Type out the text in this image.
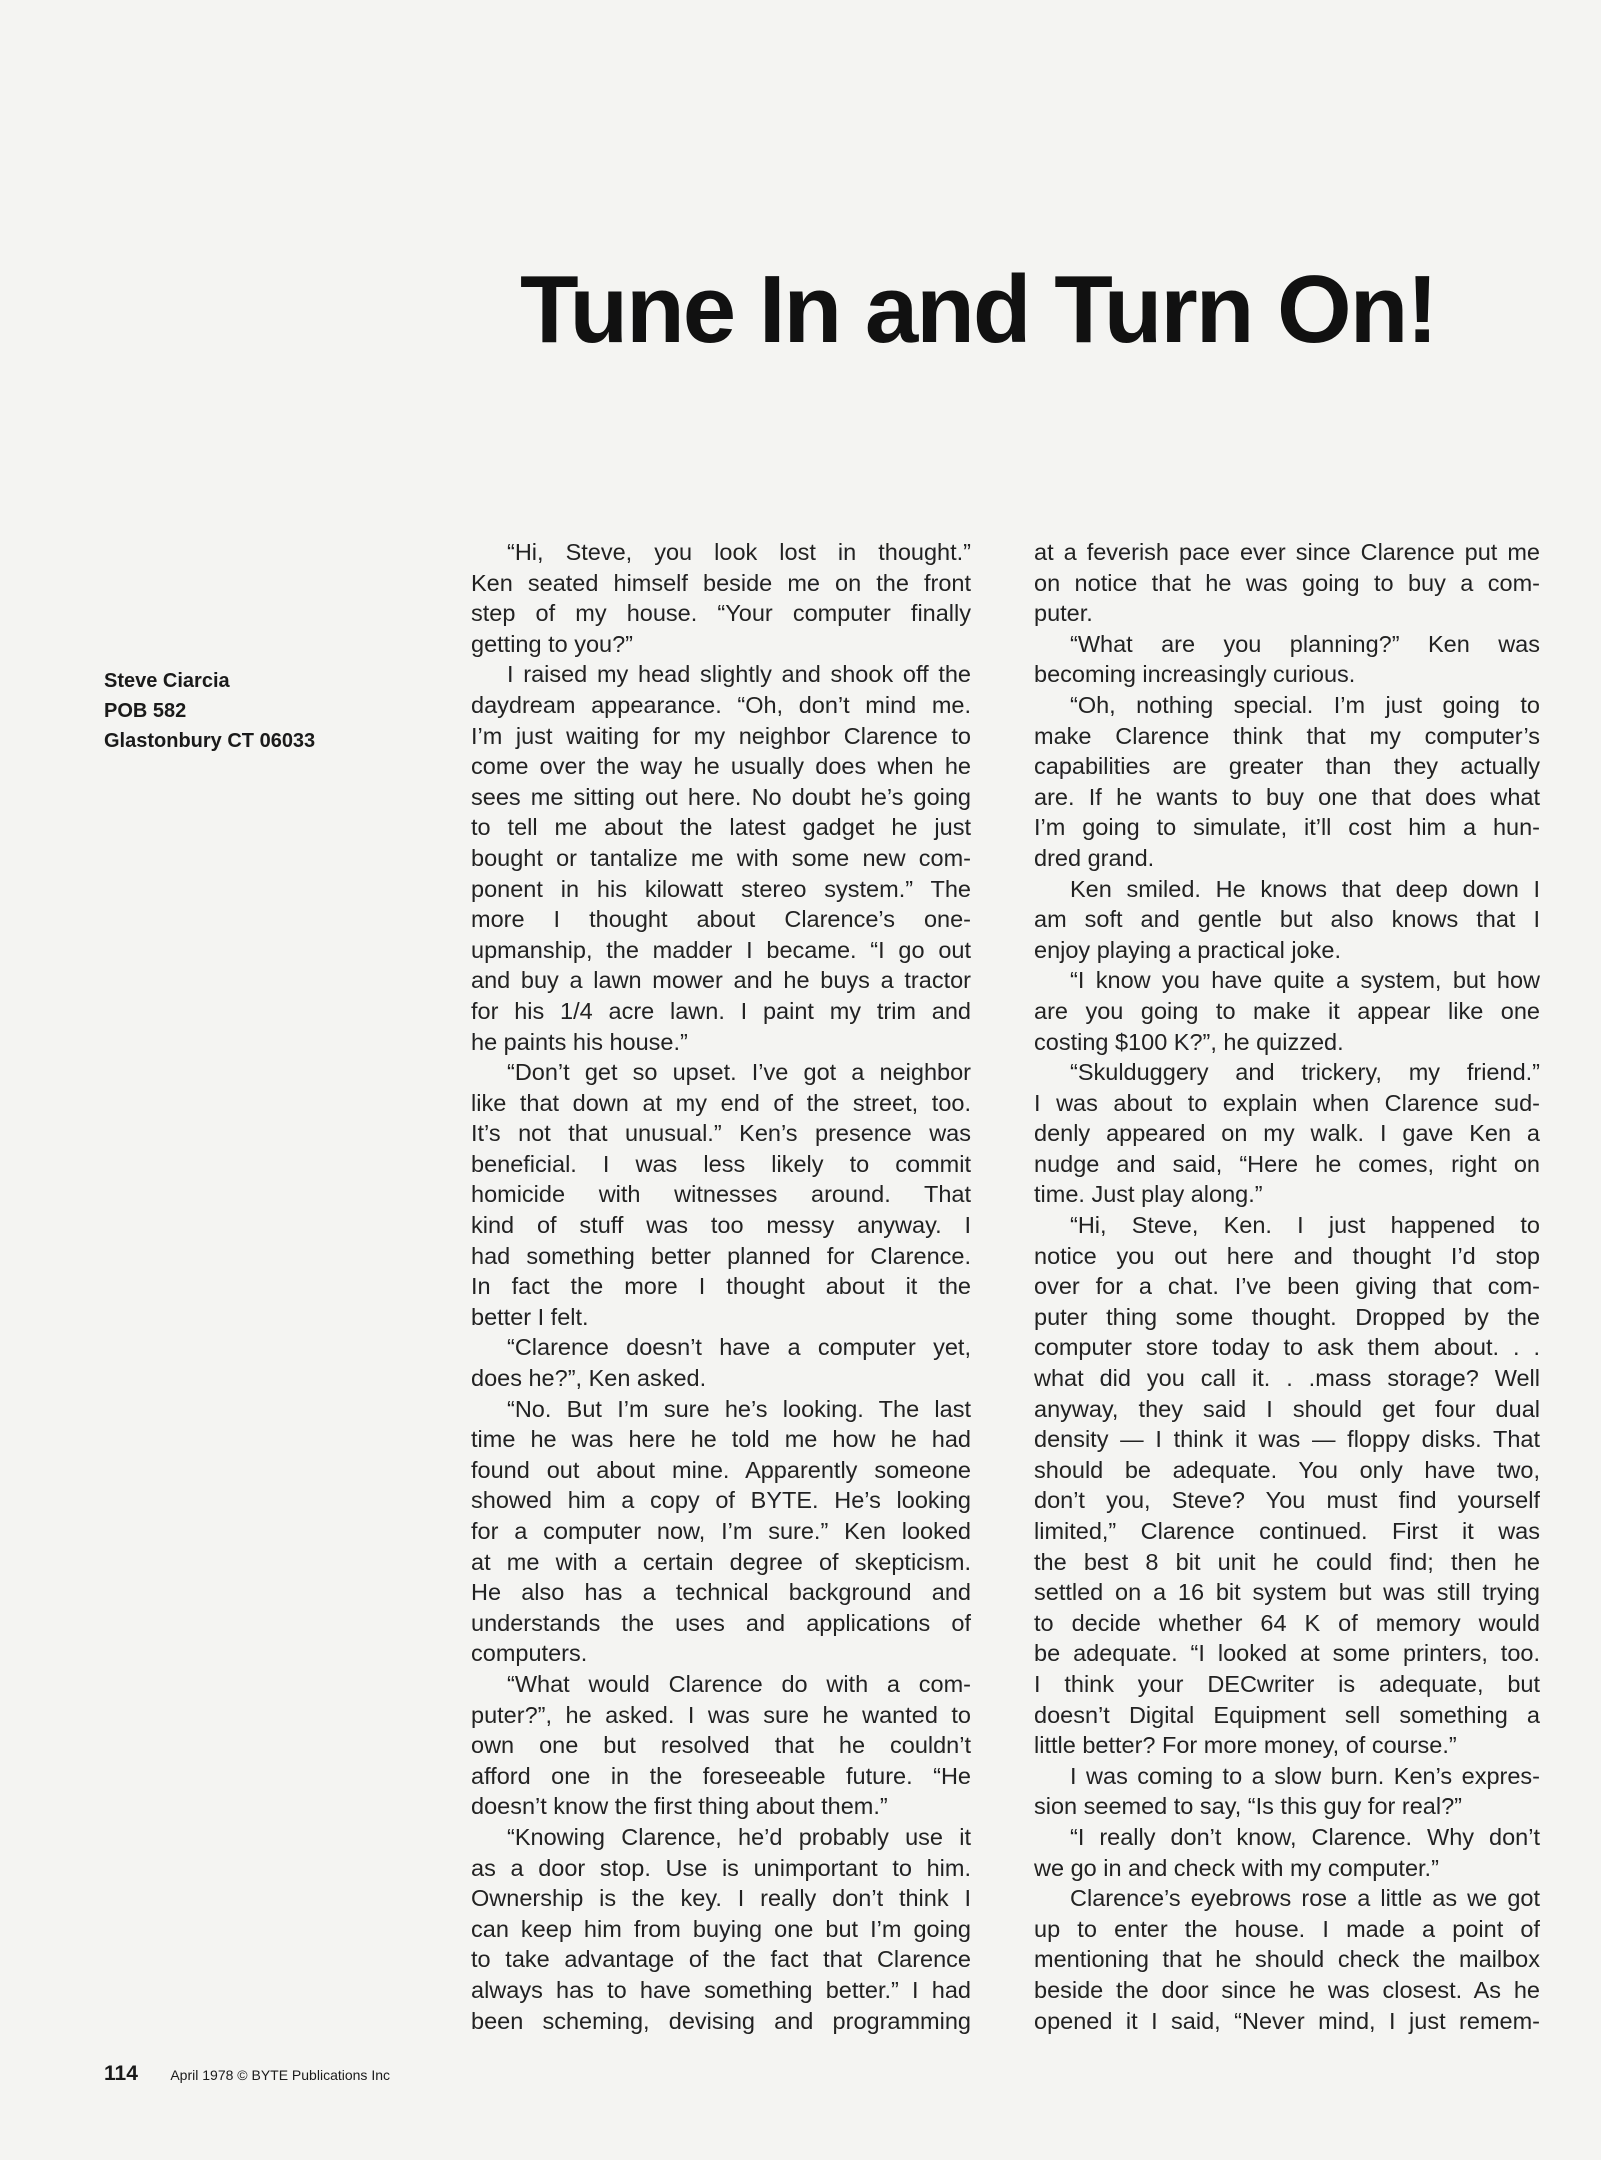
Tune In and Turn On!
Steve Ciarcia
POB 582
Glastonbury CT 06033
“Hi, Steve, you look lost in thought.”
Ken seated himself beside me on the front
step of my house. “Your computer finally
getting to you?”
I raised my head slightly and shook off the
daydream appearance. “Oh, don’t mind me.
I’m just waiting for my neighbor Clarence to
come over the way he usually does when he
sees me sitting out here. No doubt he’s going
to tell me about the latest gadget he just
bought or tantalize me with some new com-
ponent in his kilowatt stereo system.” The
more I thought about Clarence’s one-
upmanship, the madder I became. “I go out
and buy a lawn mower and he buys a tractor
for his 1/4 acre lawn. I paint my trim and
he paints his house.”
“Don’t get so upset. I’ve got a neighbor
like that down at my end of the street, too.
It’s not that unusual.” Ken’s presence was
beneficial. I was less likely to commit
homicide with witnesses around. That
kind of stuff was too messy anyway. I
had something better planned for Clarence.
In fact the more I thought about it the
better I felt.
“Clarence doesn’t have a computer yet,
does he?”, Ken asked.
“No. But I’m sure he’s looking. The last
time he was here he told me how he had
found out about mine. Apparently someone
showed him a copy of BYTE. He’s looking
for a computer now, I’m sure.” Ken looked
at me with a certain degree of skepticism.
He also has a technical background and
understands the uses and applications of
computers.
“What would Clarence do with a com-
puter?”, he asked. I was sure he wanted to
own one but resolved that he couldn’t
afford one in the foreseeable future. “He
doesn’t know the first thing about them.”
“Knowing Clarence, he’d probably use it
as a door stop. Use is unimportant to him.
Ownership is the key. I really don’t think I
can keep him from buying one but I’m going
to take advantage of the fact that Clarence
always has to have something better.” I had
been scheming, devising and programming
at a feverish pace ever since Clarence put me
on notice that he was going to buy a com-
puter.
“What are you planning?” Ken was
becoming increasingly curious.
“Oh, nothing special. I’m just going to
make Clarence think that my computer’s
capabilities are greater than they actually
are. If he wants to buy one that does what
I’m going to simulate, it’ll cost him a hun-
dred grand.
Ken smiled. He knows that deep down I
am soft and gentle but also knows that I
enjoy playing a practical joke.
“I know you have quite a system, but how
are you going to make it appear like one
costing $100 K?”, he quizzed.
“Skulduggery and trickery, my friend.”
I was about to explain when Clarence sud-
denly appeared on my walk. I gave Ken a
nudge and said, “Here he comes, right on
time. Just play along.”
“Hi, Steve, Ken. I just happened to
notice you out here and thought I’d stop
over for a chat. I’ve been giving that com-
puter thing some thought. Dropped by the
computer store today to ask them about. . .
what did you call it. . .mass storage? Well
anyway, they said I should get four dual
density — I think it was — floppy disks. That
should be adequate. You only have two,
don’t you, Steve? You must find yourself
limited,” Clarence continued. First it was
the best 8 bit unit he could find; then he
settled on a 16 bit system but was still trying
to decide whether 64 K of memory would
be adequate. “I looked at some printers, too.
I think your DECwriter is adequate, but
doesn’t Digital Equipment sell something a
little better? For more money, of course.”
I was coming to a slow burn. Ken’s expres-
sion seemed to say, “Is this guy for real?”
“I really don’t know, Clarence. Why don’t
we go in and check with my computer.”
Clarence’s eyebrows rose a little as we got
up to enter the house. I made a point of
mentioning that he should check the mailbox
beside the door since he was closest. As he
opened it I said, “Never mind, I just remem-
114 April 1978 © BYTE Publications Inc
